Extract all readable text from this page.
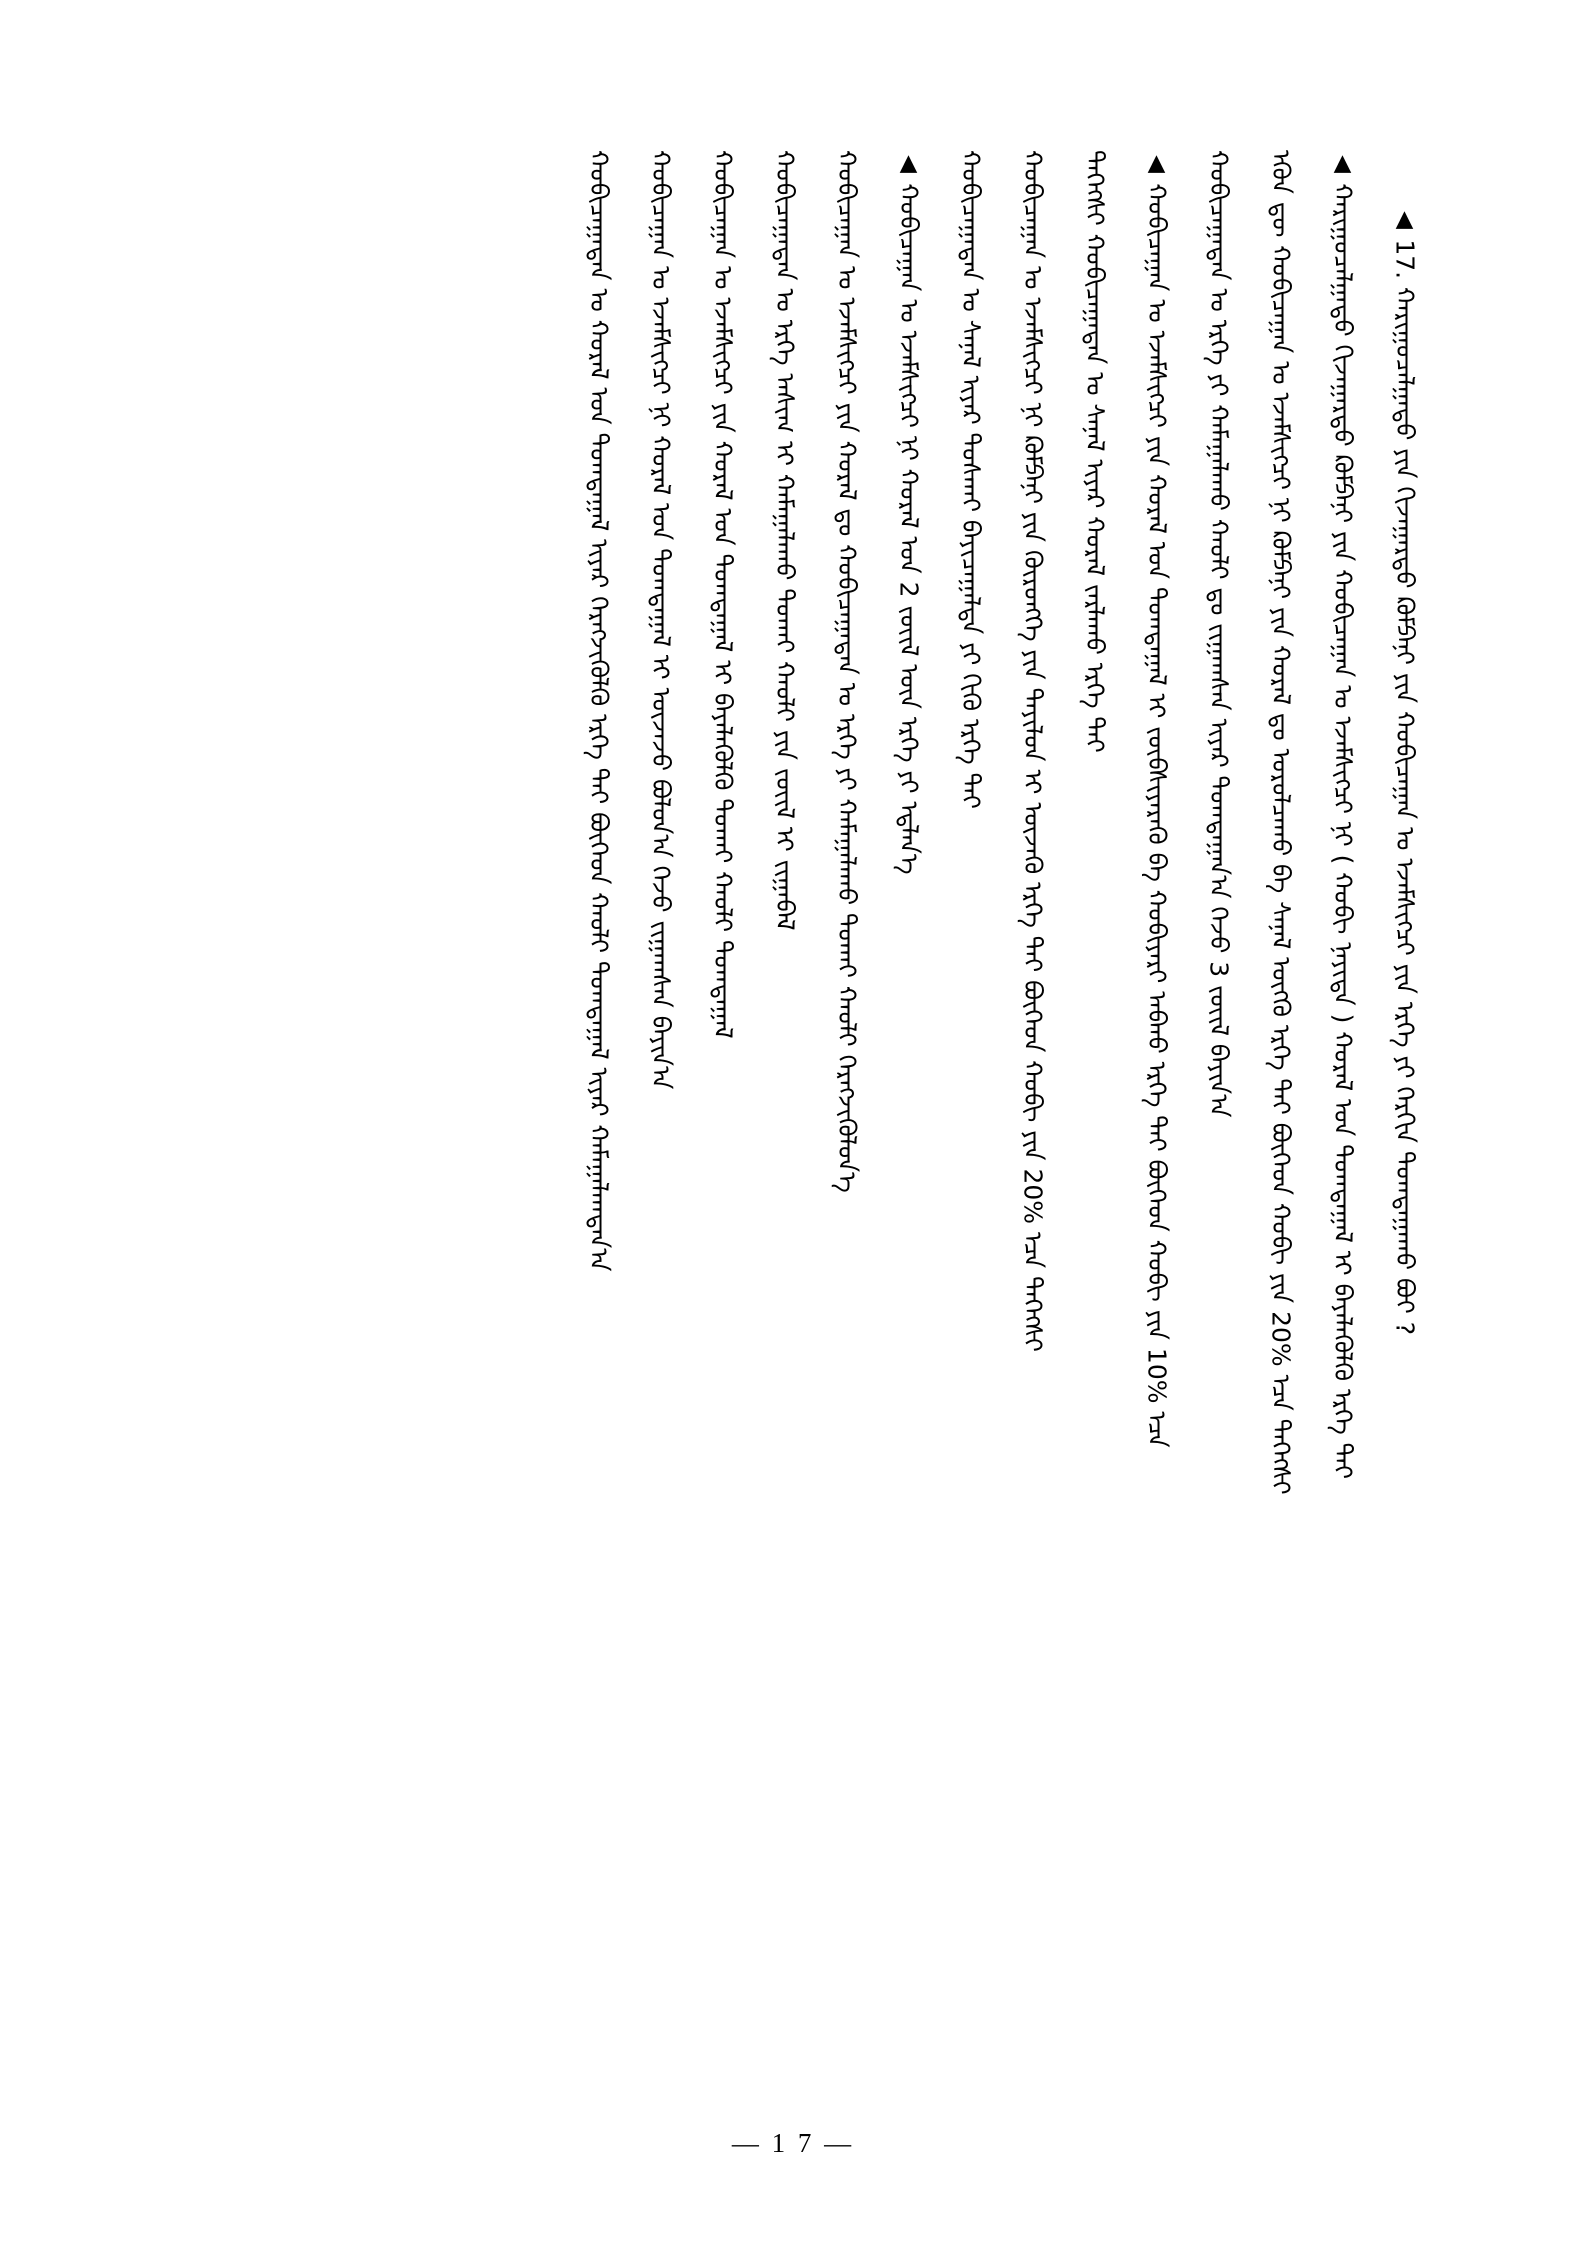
▲ 17. ᠬᠠᠷᠢᠭᠤᠴᠠᠯᠭᠠᠲᠤ ᠶᠢᠨ ᠬᠢᠵᠠᠭᠠᠷᠲᠤ ᠺᠣᠮᠫᠠᠨᠢ ᠶᠢᠨ ᠬᠤᠪᠢᠴᠠᠭᠠᠨ ᠤ ᠡᠵᠡᠮᠰᠢᠭᠴᠢ ᠶᠢᠨ ᠡᠷᠬᠡ ᠶᠢ ᠬᠡᠷᠬᠢᠨ ᠲᠣᠭᠲᠠᠭᠠᠬᠤ ᠪᠤᠢ ?
▲ ᠬᠠᠷᠢᠭᠤᠴᠠᠯᠭᠠᠲᠤ ᠬᠢᠵᠠᠭᠠᠷᠲᠤ ᠺᠣᠮᠫᠠᠨᠢ ᠶᠢᠨ ᠬᠤᠪᠢᠴᠠᠭᠠᠨ ᠤ ᠡᠵᠡᠮᠰᠢᠭᠴᠢ ᠨᠢ ( ᠬᠤᠪᠢ ᠨᠡᠶᠢᠲᠡ ) ᠬᠤᠷᠠᠯ ᠤᠨ ᠲᠣᠭᠲᠠᠭᠠᠯ ᠢ ᠪᠡᠶᠡᠯᠡᠭᠦᠯᠬᠦ ᠡᠷᠬᠡ ᠲᠡᠢ
ᠡᠭᠦᠨ ᠳᠦ ᠬᠤᠪᠢᠴᠠᠭᠠᠨ ᠤ ᠡᠵᠡᠮᠰᠢᠭᠴᠢ ᠨᠢ ᠺᠣᠮᠫᠠᠨᠢ ᠶᠢᠨ ᠬᠤᠷᠠᠯ ᠳᠤ ᠣᠷᠣᠯᠴᠠᠬᠤ ᠪᠠ ᠰᠠᠨᠠᠯ ᠥᠭᠬᠦ ᠡᠷᠬᠡ ᠲᠡᠢ ᠪᠥᠭᠡᠳ ᠬᠤᠪᠢ ᠶᠢᠨ 20% ᠡᠴᠡ ᠳᠡᠭᠡᠭᠰᠢ
ᠬᠤᠪᠢᠴᠠᠭᠠᠲᠠᠨ ᠤ ᠡᠷᠬᠡ ᠶᠢ ᠬᠠᠮᠠᠭᠠᠯᠠᠬᠤ ᠬᠠᠤᠯᠢ ᠳᠤ ᠵᠢᠭᠠᠭᠰᠠᠨ ᠢᠶᠠᠷ ᠲᠣᠭᠲᠠᠭᠠᠨ᠎ᠠ ᠭᠡᠵᠦ 3 ᠵᠦᠢᠯ ᠪᠠᠶᠢᠨ᠎ᠠ
▲ ᠬᠤᠪᠢᠴᠠᠭᠠᠨ ᠤ ᠡᠵᠡᠮᠰᠢᠭᠴᠢ ᠶᠢᠨ ᠬᠤᠷᠠᠯ ᠤᠨ ᠲᠣᠭᠲᠠᠭᠠᠯ ᠢ ᠵᠥᠪᠰᠢᠶᠡᠷᠡᠬᠦ ᠪᠠ ᠬᠤᠪᠢᠶᠠᠷᠢ ᠠᠪᠬᠤ ᠡᠷᠬᠡ ᠲᠡᠢ ᠪᠥᠭᠡᠳ ᠬᠤᠪᠢ ᠶᠢᠨ 10% ᠡᠴᠡ
ᠳᠡᠭᠡᠭᠰᠢ ᠬᠤᠪᠢᠴᠠᠭᠠᠲᠠᠨ ᠤ ᠰᠠᠨᠠᠯ ᠢᠶᠠᠷ ᠬᠤᠷᠠᠯ ᠵᠠᠷᠯᠠᠬᠤ ᠡᠷᠬᠡ ᠲᠡᠢ
ᠬᠤᠪᠢᠴᠠᠭᠠᠨ ᠤ ᠡᠵᠡᠮᠰᠢᠭᠴᠢ ᠨᠢ ᠺᠣᠮᠫᠠᠨᠢ ᠶᠢᠨ ᠬᠥᠷᠥᠩᠭᠡ ᠶᠢᠨ ᠲᠠᠶᠢᠯᠤᠨ ᠢ ᠦᠵᠡᠬᠦ ᠡᠷᠬᠡ ᠲᠡᠢ ᠪᠥᠭᠡᠳ ᠬᠤᠪᠢ ᠶᠢᠨ 20% ᠡᠴᠡ ᠳᠡᠭᠡᠭᠰᠢ
ᠬᠤᠪᠢᠴᠠᠭᠠᠲᠠᠨ ᠤ ᠰᠠᠨᠠᠯ ᠢᠶᠠᠷ ᠲᠤᠰᠬᠠᠢ ᠪᠠᠶᠢᠴᠠᠭᠠᠯᠲᠠ ᠶᠢ ᠬᠢᠬᠦ ᠡᠷᠬᠡ ᠲᠡᠢ
▲ ᠬᠤᠪᠢᠴᠠᠭᠠᠨ ᠤ ᠡᠵᠡᠮᠰᠢᠭᠴᠢ ᠨᠢ ᠬᠤᠷᠠᠯ ᠤᠨ 2 ᠵᠦᠢᠯ ᠦᠨ ᠡᠷᠬᠡ ᠶᠢ ᠡᠳ᠋ᠯᠡᠨ᠎ᠡ
ᠬᠤᠪᠢᠴᠠᠭᠠᠨ ᠤ ᠡᠵᠡᠮᠰᠢᠭᠴᠢ ᠶᠢᠨ ᠬᠤᠷᠠᠯ ᠳᠤ ᠬᠤᠪᠢᠴᠠᠭᠠᠲᠠᠨ ᠤ ᠡᠷᠬᠡ ᠶᠢ ᠬᠠᠮᠠᠭᠠᠯᠠᠬᠤ ᠲᠤᠬᠠᠢ ᠬᠠᠤᠯᠢ ᠬᠡᠷᠡᠭᠵᠢᠭᠦᠯᠦᠨ᠎ᠡ
ᠬᠤᠪᠢᠴᠠᠭᠠᠲᠠᠨ ᠤ ᠡᠷᠬᠡ ᠠᠰᠢᠭ ᠢ ᠬᠠᠮᠠᠭᠠᠯᠠᠬᠤ ᠲᠤᠬᠠᠢ ᠬᠠᠤᠯᠢ ᠶᠢᠨ ᠵᠦᠢᠯ ᠢ ᠵᠢᠭᠠᠪᠠᠯ
ᠬᠤᠪᠢᠴᠠᠭᠠᠨ ᠤ ᠡᠵᠡᠮᠰᠢᠭᠴᠢ ᠶᠢᠨ ᠬᠤᠷᠠᠯ ᠤᠨ ᠲᠣᠭᠲᠠᠭᠠᠯ ᠢ ᠪᠡᠶᠡᠯᠡᠭᠦᠯᠬᠦ ᠲᠤᠬᠠᠢ ᠬᠠᠤᠯᠢ ᠲᠣᠭᠲᠠᠭᠠᠯ
ᠬᠤᠪᠢᠴᠠᠭᠠᠨ ᠤ ᠡᠵᠡᠮᠰᠢᠭᠴᠢ ᠨᠢ ᠬᠤᠷᠠᠯ ᠤᠨ ᠲᠣᠭᠲᠠᠭᠠᠯ ᠢ ᠦᠵᠡᠵᠦ ᠪᠣᠯᠣᠨ᠎ᠠ ᠭᠡᠵᠦ ᠵᠢᠭᠠᠭᠰᠠᠨ ᠪᠠᠶᠢᠨ᠎ᠠ
ᠬᠤᠪᠢᠴᠠᠭᠠᠲᠠᠨ ᠤ ᠬᠤᠷᠠᠯ ᠤᠨ ᠲᠣᠭᠲᠠᠭᠠᠯ ᠢᠶᠠᠷ ᠬᠡᠷᠡᠭᠵᠢᠭᠦᠯᠬᠦ ᠡᠷᠬᠡ ᠲᠡᠢ ᠪᠥᠭᠡᠳ ᠬᠠᠤᠯᠢ ᠲᠣᠭᠲᠠᠭᠠᠯ ᠢᠶᠠᠷ ᠬᠠᠮᠠᠭᠠᠯᠠᠭᠳᠠᠨ᠎ᠠ
— 1 7 —
